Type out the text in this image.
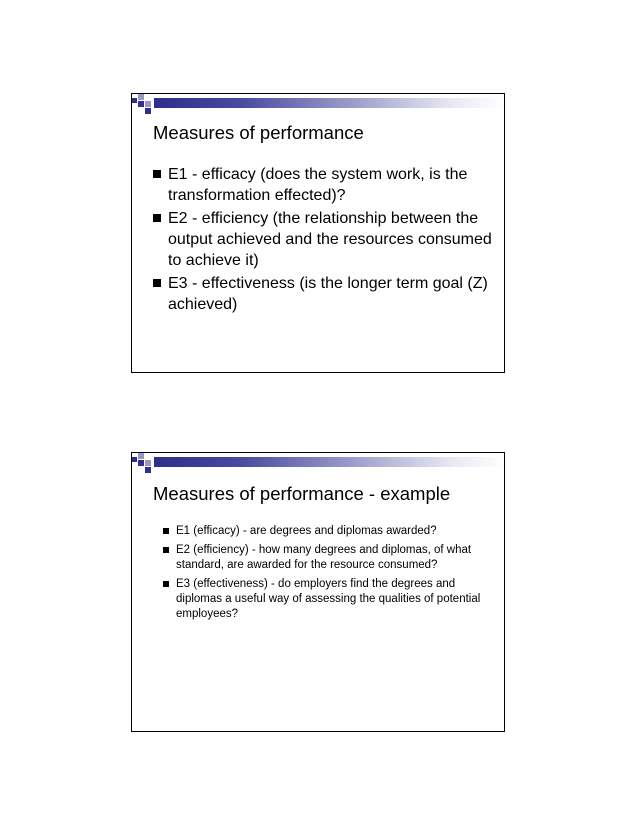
Measures of performance
E1 - efficacy (does the system work, is the transformation effected)?
E2 - efficiency (the relationship between the output achieved and the resources consumed to achieve it)
E3 - effectiveness (is the longer term goal (Z) achieved)
Measures of performance - example
E1 (efficacy) - are degrees and diplomas awarded?
E2 (efficiency) - how many degrees and diplomas, of what standard, are awarded for the resource consumed?
E3 (effectiveness) - do employers find the degrees and diplomas a useful way of assessing the qualities of potential employees?
